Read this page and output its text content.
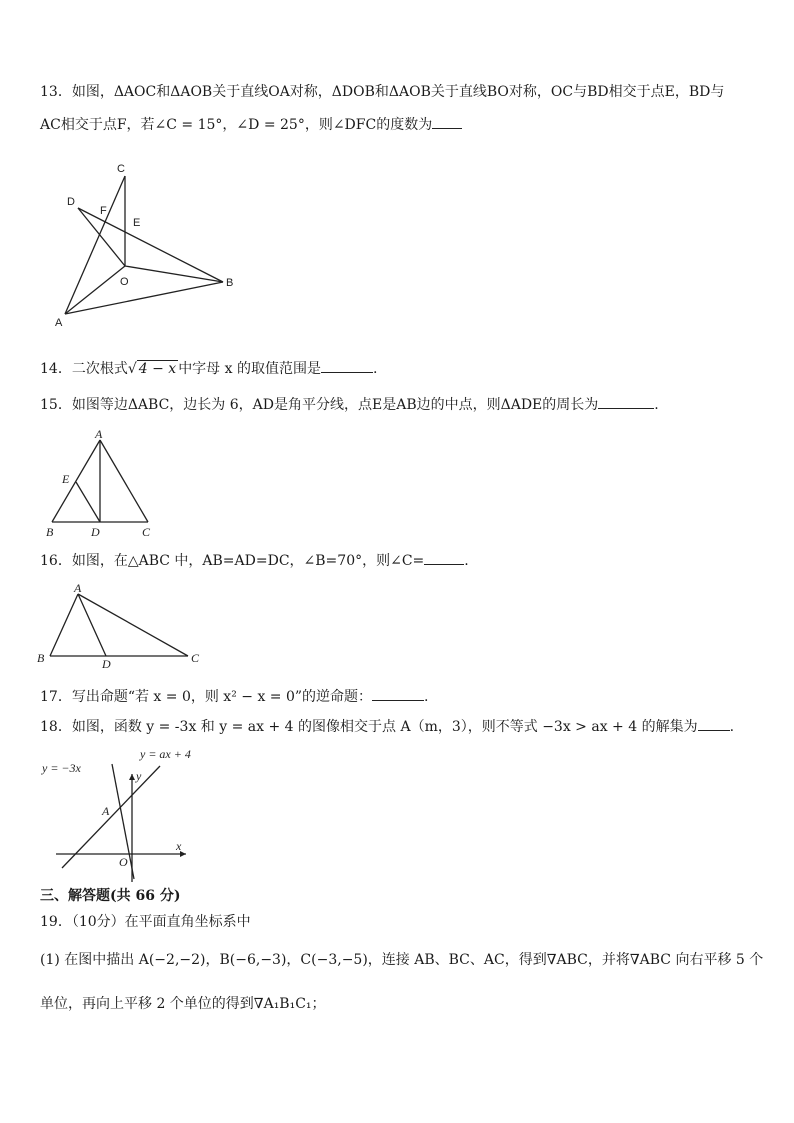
13．如图，ΔAOC和ΔAOB关于直线OA对称，ΔDOB和ΔAOB关于直线BO对称，OC与BD相交于点E，BD与
AC相交于点F，若∠C = 15°，∠D = 25°，则∠DFC的度数为
C
D
F
E
O	B
A
14．二次根式√ 4 − x 中字母 x 的取值范围是	.
15．如图等边ΔABC，边长为 6，AD是角平分线，点E是AB边的中点，则ΔADE的周长为	.
A
E
B	D	C
16．如图，在△ABC 中，AB=AD=DC，∠B=70°，则∠C=	.
A
B	D	C
17．写出命题“若 x = 0，则 x² − x = 0”的逆命题：	.
18．如图，函数 y = -3x 和 y = ax + 4 的图像相交于点 A（m，3），则不等式 −3x > ax + 4 的解集为 .
y = −3x
y = ax + 4
A
O
x
y
三、解答题(共 66 分)
19．（10分）在平面直角坐标系中
(1) 在图中描出 A(−2,−2)，B(−6,−3)，C(−3,−5)，连接 AB、BC、AC，得到∇ABC，并将∇ABC 向右平移 5 个
单位，再向上平移 2 个单位的得到∇A₁B₁C₁；
